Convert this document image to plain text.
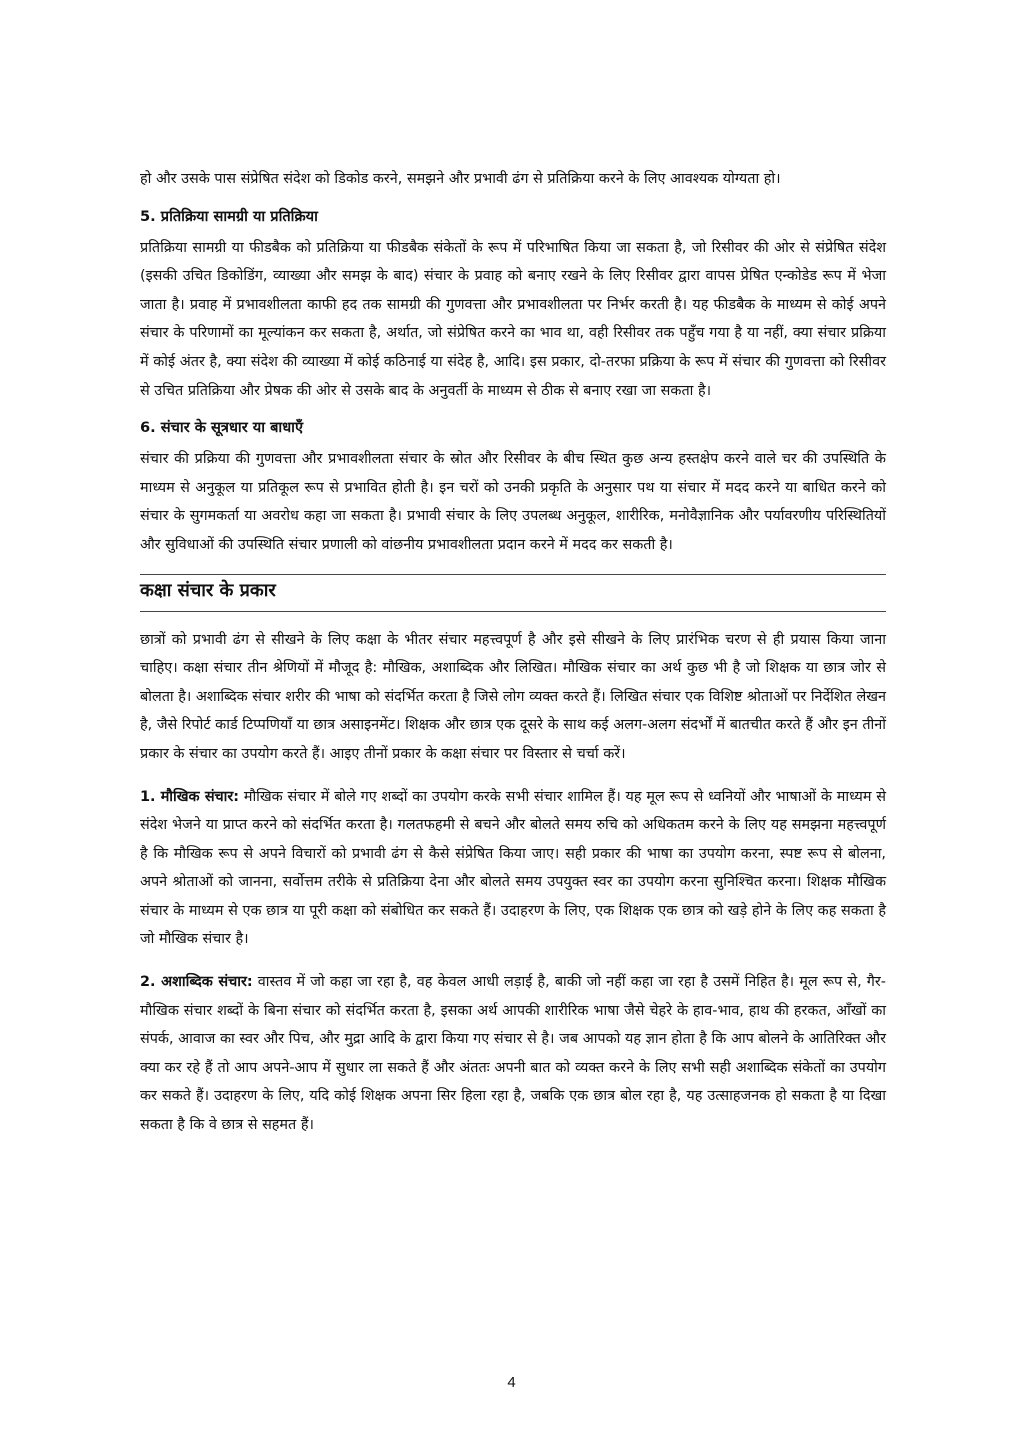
हो और उसके पास संप्रेषित संदेश को डिकोड करने, समझने और प्रभावी ढंग से प्रतिक्रिया करने के लिए आवश्यक योग्यता हो।

5. प्रतिक्रिया सामग्री या प्रतिक्रिया

प्रतिक्रिया सामग्री या फीडबैक को प्रतिक्रिया या फीडबैक संकेतों के रूप में परिभाषित किया जा सकता है, जो रिसीवर की ओर से संप्रेषित संदेश (इसकी उचित डिकोडिंग, व्याख्या और समझ के बाद) संचार के प्रवाह को बनाए रखने के लिए रिसीवर द्वारा वापस प्रेषित एन्कोडेड रूप में भेजा जाता है। प्रवाह में प्रभावशीलता काफी हद तक सामग्री की गुणवत्ता और प्रभावशीलता पर निर्भर करती है। यह फीडबैक के माध्यम से कोई अपने संचार के परिणामों का मूल्यांकन कर सकता है, अर्थात, जो संप्रेषित करने का भाव था, वही रिसीवर तक पहुँच गया है या नहीं, क्या संचार प्रक्रिया में कोई अंतर है, क्या संदेश की व्याख्या में कोई कठिनाई या संदेह है, आदि। इस प्रकार, दो-तरफा प्रक्रिया के रूप में संचार की गुणवत्ता को रिसीवर से उचित प्रतिक्रिया और प्रेषक की ओर से उसके बाद के अनुवर्ती के माध्यम से ठीक से बनाए रखा जा सकता है।

6. संचार के सूत्रधार या बाधाएँ

संचार की प्रक्रिया की गुणवत्ता और प्रभावशीलता संचार के स्रोत और रिसीवर के बीच स्थित कुछ अन्य हस्तक्षेप करने वाले चर की उपस्थिति के माध्यम से अनुकूल या प्रतिकूल रूप से प्रभावित होती है। इन चरों को उनकी प्रकृति के अनुसार पथ या संचार में मदद करने या बाधित करने को संचार के सुगमकर्ता या अवरोध कहा जा सकता है। प्रभावी संचार के लिए उपलब्ध अनुकूल, शारीरिक, मनोवैज्ञानिक और पर्यावरणीय परिस्थितियों और सुविधाओं की उपस्थिति संचार प्रणाली को वांछनीय प्रभावशीलता प्रदान करने में मदद कर सकती है।

कक्षा संचार के प्रकार

छात्रों को प्रभावी ढंग से सीखने के लिए कक्षा के भीतर संचार महत्त्वपूर्ण है और इसे सीखने के लिए प्रारंभिक चरण से ही प्रयास किया जाना चाहिए। कक्षा संचार तीन श्रेणियों में मौजूद है: मौखिक, अशाब्दिक और लिखित। मौखिक संचार का अर्थ कुछ भी है जो शिक्षक या छात्र जोर से बोलता है। अशाब्दिक संचार शरीर की भाषा को संदर्भित करता है जिसे लोग व्यक्त करते हैं। लिखित संचार एक विशिष्ट श्रोताओं पर निर्देशित लेखन है, जैसे रिपोर्ट कार्ड टिप्पणियाँ या छात्र असाइनमेंट। शिक्षक और छात्र एक दूसरे के साथ कई अलग-अलग संदर्भों में बातचीत करते हैं और इन तीनों प्रकार के संचार का उपयोग करते हैं। आइए तीनों प्रकार के कक्षा संचार पर विस्तार से चर्चा करें।

1. मौखिक संचार: मौखिक संचार में बोले गए शब्दों का उपयोग करके सभी संचार शामिल हैं। यह मूल रूप से ध्वनियों और भाषाओं के माध्यम से संदेश भेजने या प्राप्त करने को संदर्भित करता है। गलतफहमी से बचने और बोलते समय रुचि को अधिकतम करने के लिए यह समझना महत्त्वपूर्ण है कि मौखिक रूप से अपने विचारों को प्रभावी ढंग से कैसे संप्रेषित किया जाए। सही प्रकार की भाषा का उपयोग करना, स्पष्ट रूप से बोलना, अपने श्रोताओं को जानना, सर्वोत्तम तरीके से प्रतिक्रिया देना और बोलते समय उपयुक्त स्वर का उपयोग करना सुनिश्चित करना। शिक्षक मौखिक संचार के माध्यम से एक छात्र या पूरी कक्षा को संबोधित कर सकते हैं। उदाहरण के लिए, एक शिक्षक एक छात्र को खड़े होने के लिए कह सकता है जो मौखिक संचार है।

2. अशाब्दिक संचार: वास्तव में जो कहा जा रहा है, वह केवल आधी लड़ाई है, बाकी जो नहीं कहा जा रहा है उसमें निहित है। मूल रूप से, गैर-मौखिक संचार शब्दों के बिना संचार को संदर्भित करता है, इसका अर्थ आपकी शारीरिक भाषा जैसे चेहरे के हाव-भाव, हाथ की हरकत, आँखों का संपर्क, आवाज का स्वर और पिच, और मुद्रा आदि के द्वारा किया गए संचार से है। जब आपको यह ज्ञान होता है कि आप बोलने के आतिरिक्त और क्या कर रहे हैं तो आप अपने-आप में सुधार ला सकते हैं और अंततः अपनी बात को व्यक्त करने के लिए सभी सही अशाब्दिक संकेतों का उपयोग कर सकते हैं। उदाहरण के लिए, यदि कोई शिक्षक अपना सिर हिला रहा है, जबकि एक छात्र बोल रहा है, यह उत्साहजनक हो सकता है या दिखा सकता है कि वे छात्र से सहमत हैं।

4
